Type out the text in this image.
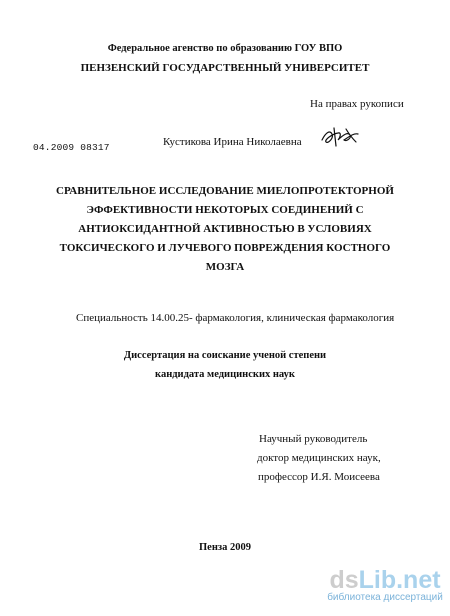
Федеральное агенство по образованию ГОУ ВПО
ПЕНЗЕНСКИЙ ГОСУДАРСТВЕННЫЙ УНИВЕРСИТЕТ
На правах рукописи
04.2009 08317	Кустикова Ирина Николаевна
СРАВНИТЕЛЬНОЕ ИССЛЕДОВАНИЕ МИЕЛОПРОТЕКТОРНОЙ
ЭФФЕКТИВНОСТИ НЕКОТОРЫХ СОЕДИНЕНИЙ С
АНТИОКСИДАНТНОЙ АКТИВНОСТЬЮ В УСЛОВИЯХ
ТОКСИЧЕСКОГО И ЛУЧЕВОГО ПОВРЕЖДЕНИЯ КОСТНОГО
МОЗГА
Специальность 14.00.25- фармакология, клиническая фармакология
Диссертация на соискание ученой степени
кандидата медицинских наук
Научный руководитель
доктор медицинских наук,
профессор И.Я. Моисеева
Пенза 2009
dsLib.net
библиотека диссертаций
